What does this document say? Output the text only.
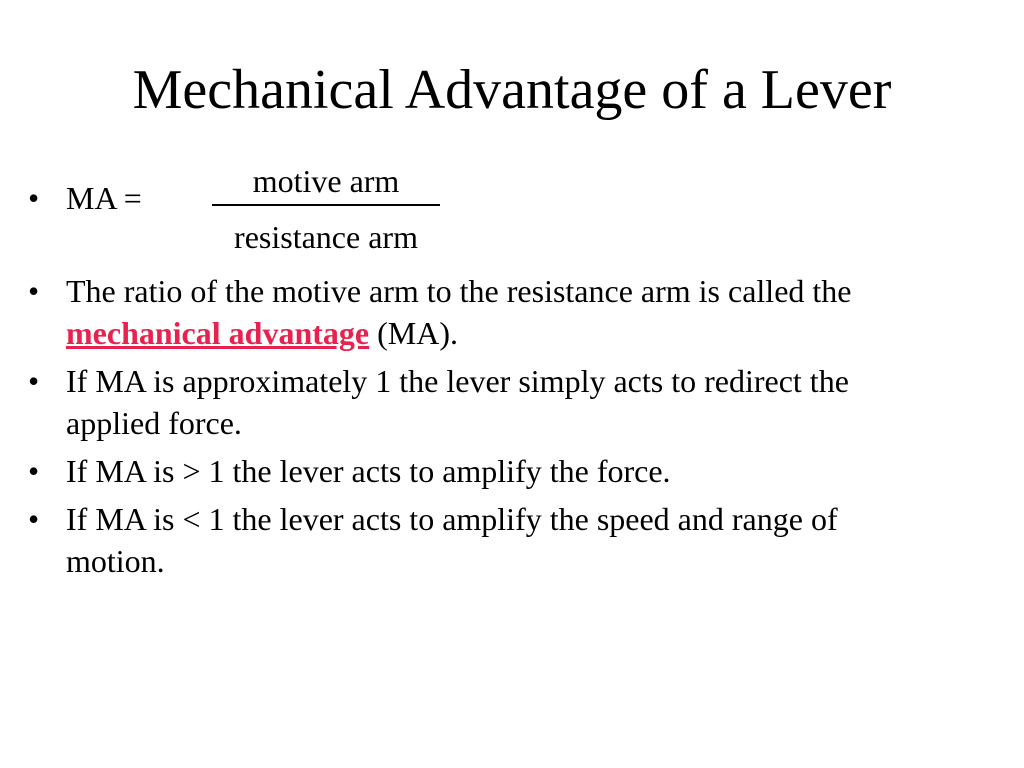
Mechanical Advantage of a Lever
• MA =	motive arm
resistance arm
• The ratio of the motive arm to the resistance arm is called the mechanical advantage (MA).
• If MA is approximately 1 the lever simply acts to redirect the applied force.
• If MA is > 1 the lever acts to amplify the force.
• If MA is < 1 the lever acts to amplify the speed and range of motion.
